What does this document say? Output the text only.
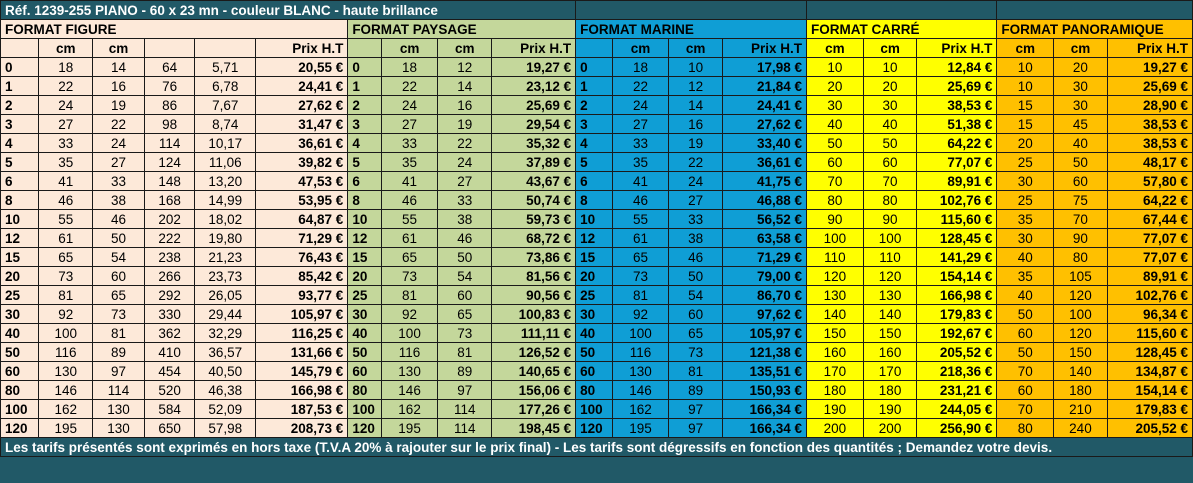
Réf. 1239-255 PIANO - 60 x 23 mn - couleur BLANC - haute brillance																			
FORMAT FIGURE						FORMAT PAYSAGE				FORMAT MARINE				FORMAT CARRÉ			FORMAT PANORAMIQUE		
	cm	cm			Prix H.T		cm	cm	Prix H.T		cm	cm	Prix H.T	cm	cm	Prix H.T	cm	cm	Prix H.T
0	18	14	64	5,71	20,55 €	0	18	12	19,27 €	0	18	10	17,98 €	10	10	12,84 €	10	20	19,27 €
1	22	16	76	6,78	24,41 €	1	22	14	23,12 €	1	22	12	21,84 €	20	20	25,69 €	10	30	25,69 €
2	24	19	86	7,67	27,62 €	2	24	16	25,69 €	2	24	14	24,41 €	30	30	38,53 €	15	30	28,90 €
3	27	22	98	8,74	31,47 €	3	27	19	29,54 €	3	27	16	27,62 €	40	40	51,38 €	15	45	38,53 €
4	33	24	114	10,17	36,61 €	4	33	22	35,32 €	4	33	19	33,40 €	50	50	64,22 €	20	40	38,53 €
5	35	27	124	11,06	39,82 €	5	35	24	37,89 €	5	35	22	36,61 €	60	60	77,07 €	25	50	48,17 €
6	41	33	148	13,20	47,53 €	6	41	27	43,67 €	6	41	24	41,75 €	70	70	89,91 €	30	60	57,80 €
8	46	38	168	14,99	53,95 €	8	46	33	50,74 €	8	46	27	46,88 €	80	80	102,76 €	25	75	64,22 €
10	55	46	202	18,02	64,87 €	10	55	38	59,73 €	10	55	33	56,52 €	90	90	115,60 €	35	70	67,44 €
12	61	50	222	19,80	71,29 €	12	61	46	68,72 €	12	61	38	63,58 €	100	100	128,45 €	30	90	77,07 €
15	65	54	238	21,23	76,43 €	15	65	50	73,86 €	15	65	46	71,29 €	110	110	141,29 €	40	80	77,07 €
20	73	60	266	23,73	85,42 €	20	73	54	81,56 €	20	73	50	79,00 €	120	120	154,14 €	35	105	89,91 €
25	81	65	292	26,05	93,77 €	25	81	60	90,56 €	25	81	54	86,70 €	130	130	166,98 €	40	120	102,76 €
30	92	73	330	29,44	105,97 €	30	92	65	100,83 €	30	92	60	97,62 €	140	140	179,83 €	50	100	96,34 €
40	100	81	362	32,29	116,25 €	40	100	73	111,11 €	40	100	65	105,97 €	150	150	192,67 €	60	120	115,60 €
50	116	89	410	36,57	131,66 €	50	116	81	126,52 €	50	116	73	121,38 €	160	160	205,52 €	50	150	128,45 €
60	130	97	454	40,50	145,79 €	60	130	89	140,65 €	60	130	81	135,51 €	170	170	218,36 €	70	140	134,87 €
80	146	114	520	46,38	166,98 €	80	146	97	156,06 €	80	146	89	150,93 €	180	180	231,21 €	60	180	154,14 €
100	162	130	584	52,09	187,53 €	100	162	114	177,26 €	100	162	97	166,34 €	190	190	244,05 €	70	210	179,83 €
120	195	130	650	57,98	208,73 €	120	195	114	198,45 €	120	195	97	166,34 €	200	200	256,90 €	80	240	205,52 €
Les tarifs présentés sont exprimés en hors taxe (T.V.A 20% à rajouter sur le prix final) - Les tarifs sont dégressifs en fonction des quantités ; Demandez votre devis.																			
